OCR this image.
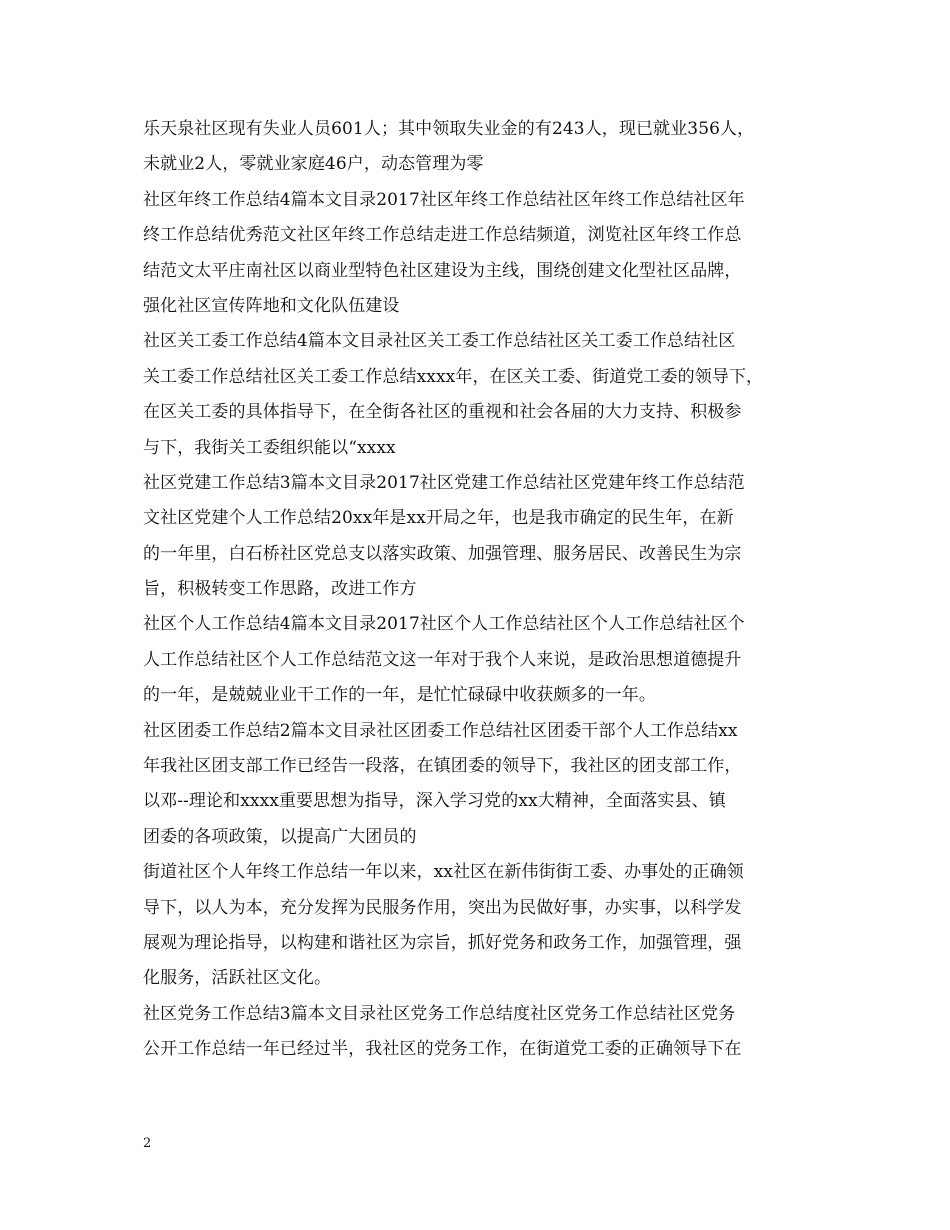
乐天泉社区现有失业人员601人；其中领取失业金的有243人，现已就业356人，
未就业2人，零就业家庭46户，动态管理为零
社区年终工作总结4篇本文目录2017社区年终工作总结社区年终工作总结社区年
终工作总结优秀范文社区年终工作总结走进工作总结频道，浏览社区年终工作总
结范文太平庄南社区以商业型特色社区建设为主线，围绕创建文化型社区品牌，
强化社区宣传阵地和文化队伍建设
社区关工委工作总结4篇本文目录社区关工委工作总结社区关工委工作总结社区
关工委工作总结社区关工委工作总结xxxx年，在区关工委、街道党工委的领导下，
在区关工委的具体指导下，在全街各社区的重视和社会各届的大力支持、积极参
与下，我街关工委组织能以“xxxx
社区党建工作总结3篇本文目录2017社区党建工作总结社区党建年终工作总结范
文社区党建个人工作总结20xx年是xx开局之年，也是我市确定的民生年，在新
的一年里，白石桥社区党总支以落实政策、加强管理、服务居民、改善民生为宗
旨，积极转变工作思路，改进工作方
社区个人工作总结4篇本文目录2017社区个人工作总结社区个人工作总结社区个
人工作总结社区个人工作总结范文这一年对于我个人来说，是政治思想道德提升
的一年，是兢兢业业干工作的一年，是忙忙碌碌中收获颇多的一年。
社区团委工作总结2篇本文目录社区团委工作总结社区团委干部个人工作总结xx
年我社区团支部工作已经告一段落，在镇团委的领导下，我社区的团支部工作，
以邓--理论和xxxx重要思想为指导，深入学习党的xx大精神，全面落实县、镇
团委的各项政策，以提高广大团员的
街道社区个人年终工作总结一年以来，xx社区在新伟街街工委、办事处的正确领
导下，以人为本，充分发挥为民服务作用，突出为民做好事，办实事，以科学发
展观为理论指导，以构建和谐社区为宗旨，抓好党务和政务工作，加强管理，强
化服务，活跃社区文化。
社区党务工作总结3篇本文目录社区党务工作总结度社区党务工作总结社区党务
公开工作总结一年已经过半，我社区的党务工作，在街道党工委的正确领导下在
2
